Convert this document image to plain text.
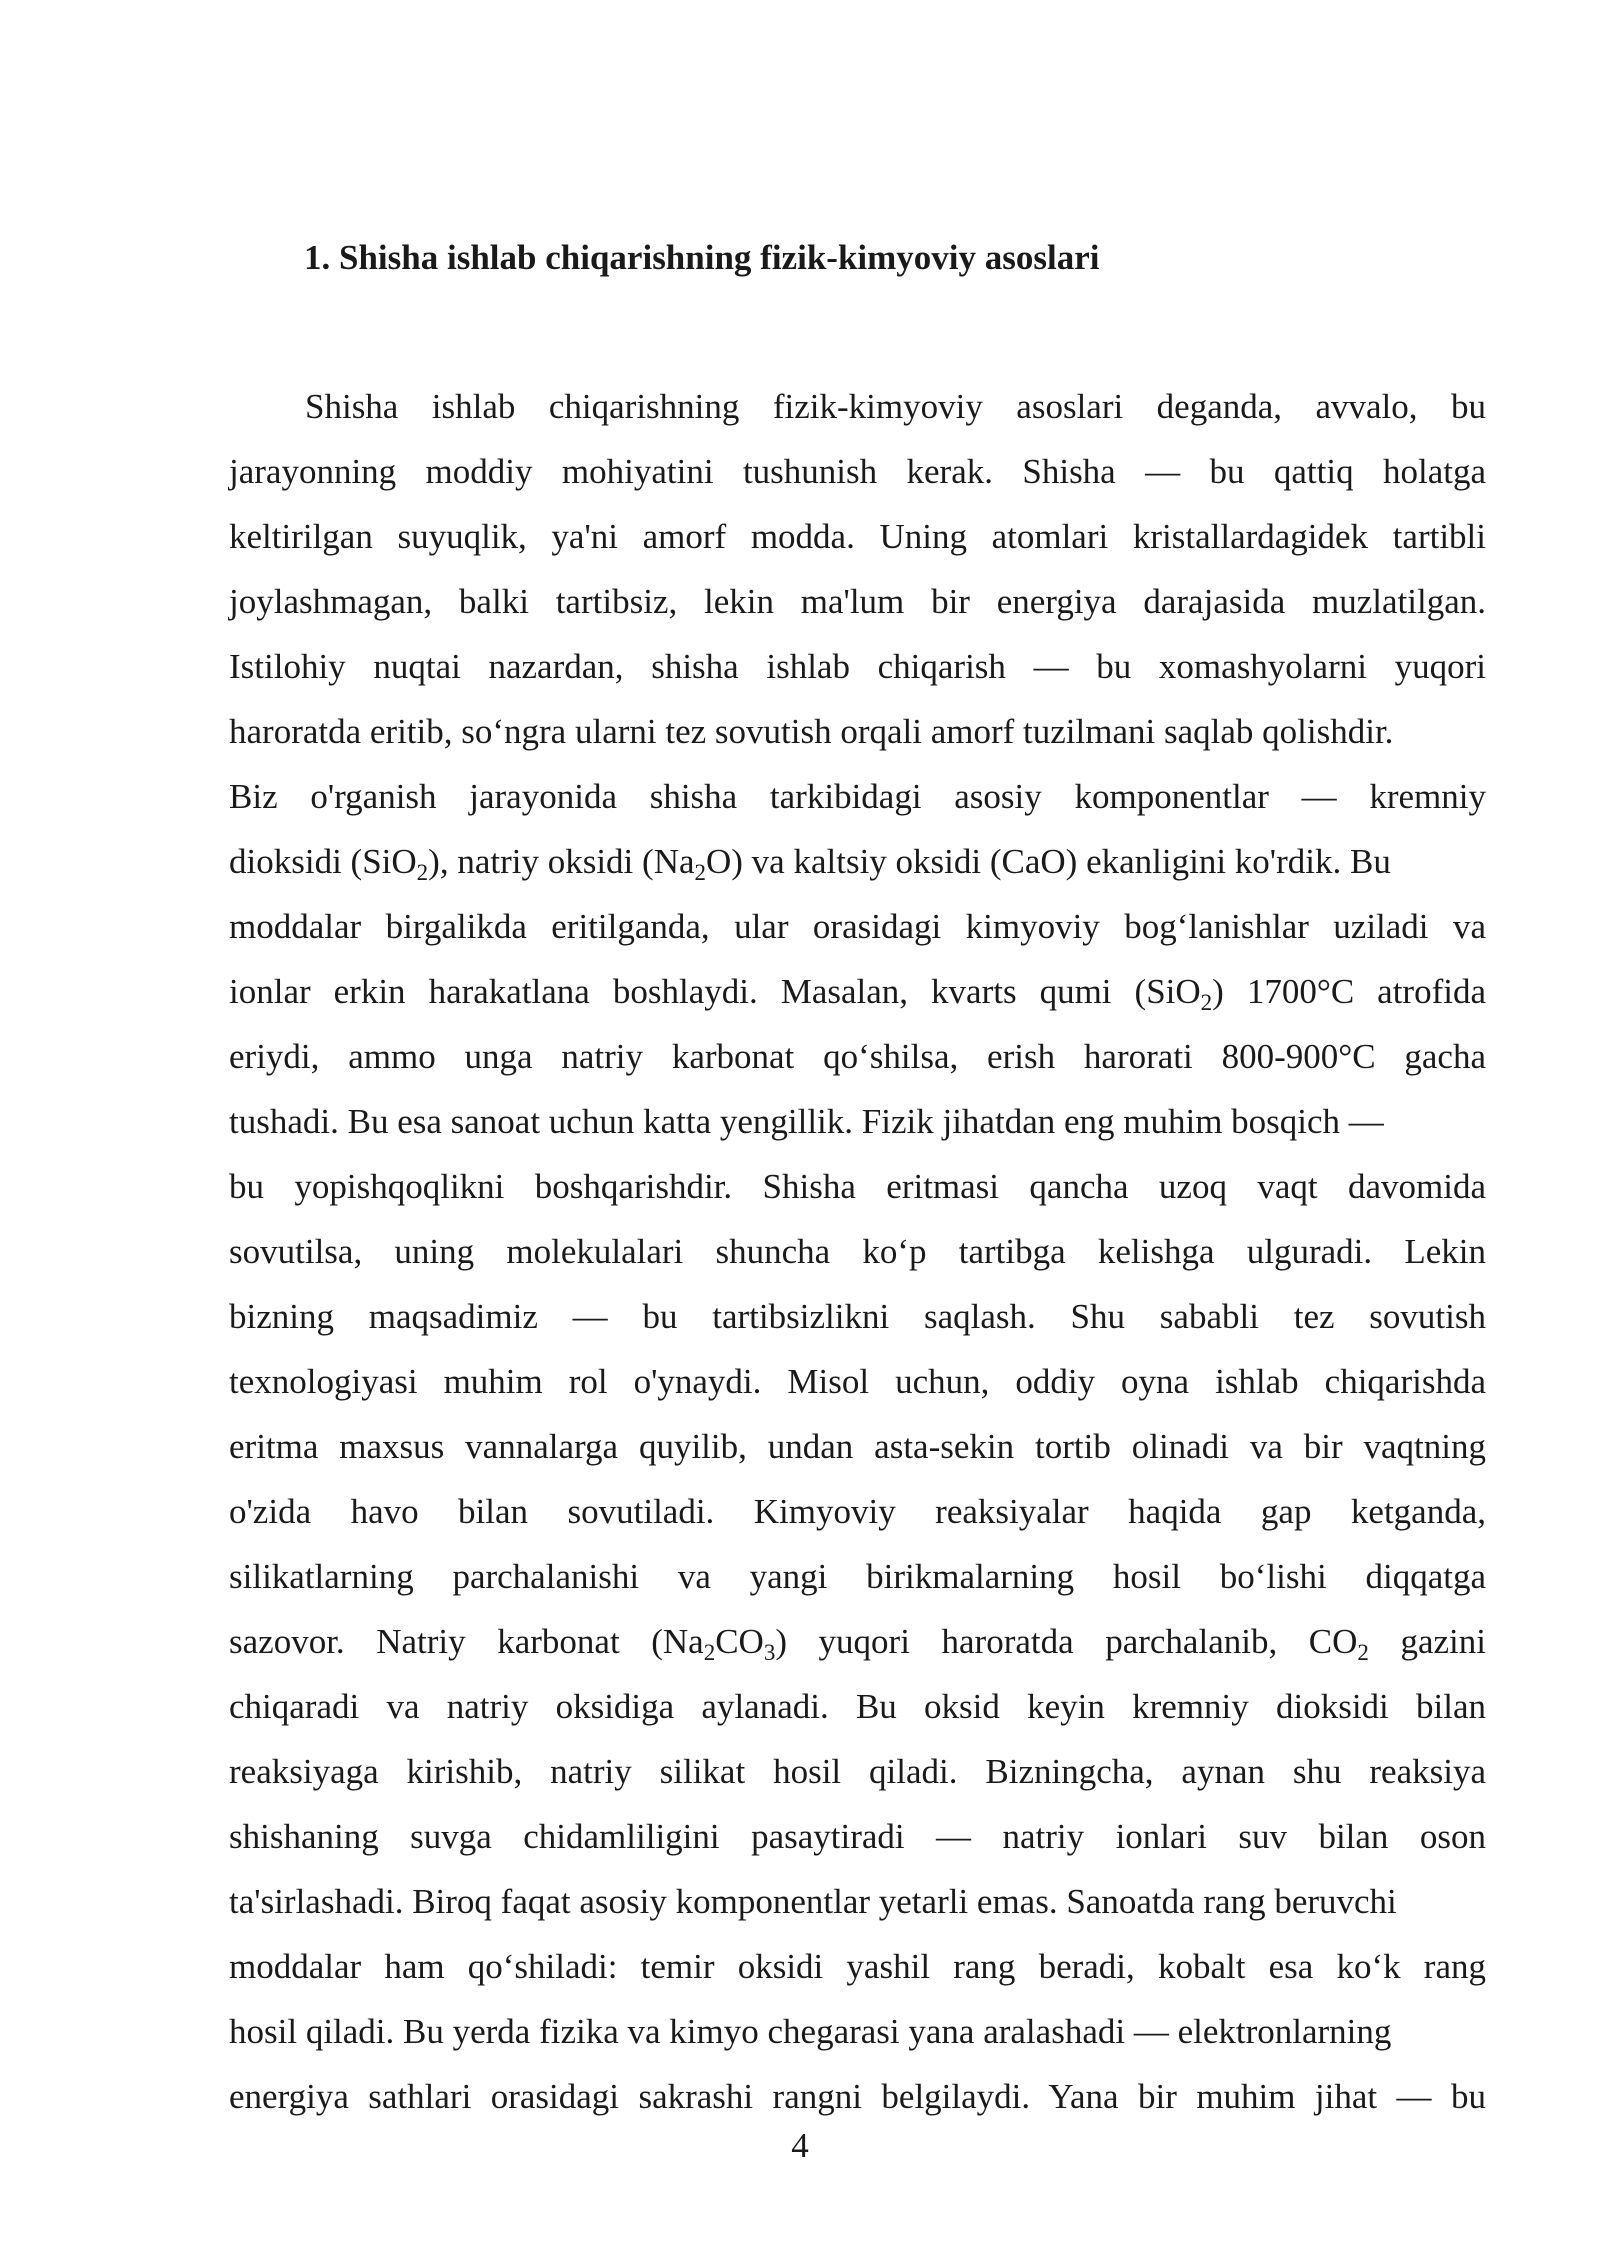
1. Shisha ishlab chiqarishning fizik-kimyoviy asoslari
Shisha ishlab chiqarishning fizik-kimyoviy asoslari deganda, avvalo, bu
jarayonning moddiy mohiyatini tushunish kerak. Shisha — bu qattiq holatga
keltirilgan suyuqlik, ya'ni amorf modda. Uning atomlari kristallardagidek tartibli
joylashmagan, balki tartibsiz, lekin ma'lum bir energiya darajasida muzlatilgan.
Istilohiy nuqtai nazardan, shisha ishlab chiqarish — bu xomashyolarni yuqori
haroratda eritib, so‘ngra ularni tez sovutish orqali amorf tuzilmani saqlab qolishdir.
Biz o'rganish jarayonida shisha tarkibidagi asosiy komponentlar — kremniy
dioksidi (SiO$_2$), natriy oksidi $(Na_2O)$ va kaltsiy oksidi (CaO) ekanligini ko'rdik. Bu
moddalar birgalikda eritilganda, ular orasidagi kimyoviy bog‘lanishlar uziladi va
ionlar erkin harakatlana boshlaydi. Masalan, kvarts qumi (SiO$_2$) 1700°C atrofida
eriydi, ammo unga natriy karbonat qo‘shilsa, erish harorati 800-900°C gacha
tushadi. Bu esa sanoat uchun katta yengillik. Fizik jihatdan eng muhim bosqich —
bu yopishqoqlikni boshqarishdir. Shisha eritmasi qancha uzoq vaqt davomida
sovutilsa, uning molekulalari shuncha ko‘p tartibga kelishga ulguradi. Lekin
bizning maqsadimiz — bu tartibsizlikni saqlash. Shu sababli tez sovutish
texnologiyasi muhim rol o'ynaydi. Misol uchun, oddiy oyna ishlab chiqarishda
eritma maxsus vannalarga quyilib, undan asta-sekin tortib olinadi va bir vaqtning
o'zida havo bilan sovutiladi. Kimyoviy reaksiyalar haqida gap ketganda,
silikatlarning parchalanishi va yangi birikmalarning hosil bo‘lishi diqqatga
sazovor. Natriy karbonat $(Na_2CO_3)$ yuqori haroratda parchalanib, $CO_2$ gazini
chiqaradi va natriy oksidiga aylanadi. Bu oksid keyin kremniy dioksidi bilan
reaksiyaga kirishib, natriy silikat hosil qiladi. Bizningcha, aynan shu reaksiya
shishaning suvga chidamliligini pasaytiradi — natriy ionlari suv bilan oson
ta'sirlashadi. Biroq faqat asosiy komponentlar yetarli emas. Sanoatda rang beruvchi
moddalar ham qo‘shiladi: temir oksidi yashil rang beradi, kobalt esa ko‘k rang
hosil qiladi. Bu yerda fizika va kimyo chegarasi yana aralashadi — elektronlarning
energiya sathlari orasidagi sakrashi rangni belgilaydi. Yana bir muhim jihat — bu
4
